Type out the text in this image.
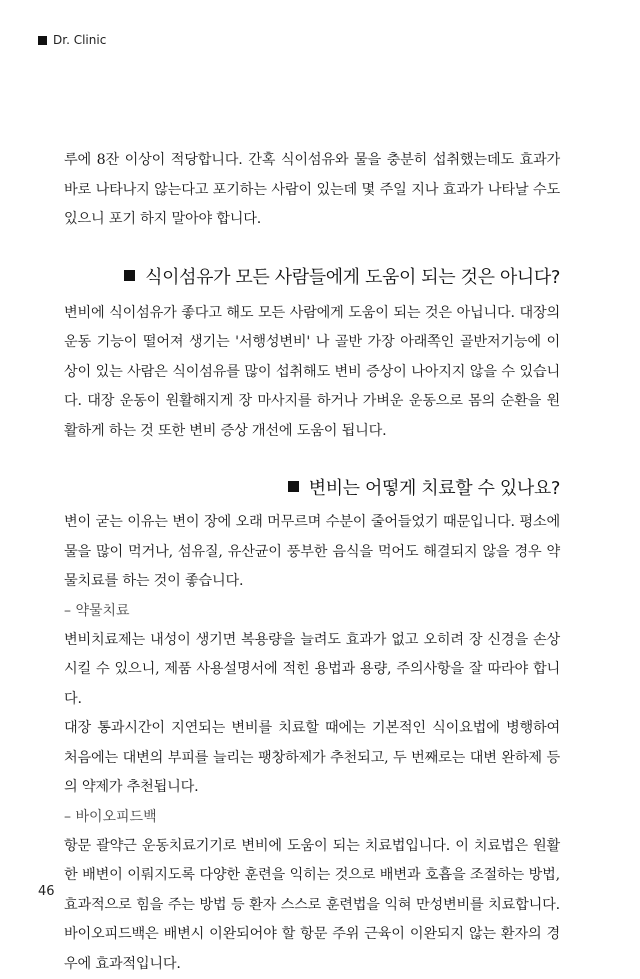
Dr. Clinic

루에 8잔 이상이 적당합니다. 간혹 식이섬유와 물을 충분히 섭취했는데도 효과가 바로 나타나지 않는다고 포기하는 사람이 있는데 몇 주일 지나 효과가 나타날 수도 있으니 포기 하지 말아야 합니다.

식이섬유가 모든 사람들에게 도움이 되는 것은 아니다?

변비에 식이섬유가 좋다고 해도 모든 사람에게 도움이 되는 것은 아닙니다. 대장의 운동 기능이 떨어져 생기는 '서행성변비' 나 골반 가장 아래쪽인 골반저기능에 이상이 있는 사람은 식이섬유를 많이 섭취해도 변비 증상이 나아지지 않을 수 있습니다. 대장 운동이 원활해지게 장 마사지를 하거나 가벼운 운동으로 몸의 순환을 원활하게 하는 것 또한 변비 증상 개선에 도움이 됩니다.

변비는 어떻게 치료할 수 있나요?

변이 굳는 이유는 변이 장에 오래 머무르며 수분이 줄어들었기 때문입니다. 평소에 물을 많이 먹거나, 섬유질, 유산균이 풍부한 음식을 먹어도 해결되지 않을 경우 약물치료를 하는 것이 좋습니다.

– 약물치료

변비치료제는 내성이 생기면 복용량을 늘려도 효과가 없고 오히려 장 신경을 손상시킬 수 있으니, 제품 사용설명서에 적힌 용법과 용량, 주의사항을 잘 따라야 합니다.

대장 통과시간이 지연되는 변비를 치료할 때에는 기본적인 식이요법에 병행하여 처음에는 대변의 부피를 늘리는 팽창하제가 추천되고, 두 번째로는 대변 완하제 등의 약제가 추천됩니다.

– 바이오피드백

항문 괄약근 운동치료기기로 변비에 도움이 되는 치료법입니다. 이 치료법은 원활한 배변이 이뤄지도록 다양한 훈련을 익히는 것으로 배변과 호흡을 조절하는 방법, 효과적으로 힘을 주는 방법 등 환자 스스로 훈련법을 익혀 만성변비를 치료합니다. 바이오피드백은 배변시 이완되어야 할 항문 주위 근육이 이완되지 않는 환자의 경우에 효과적입니다.

46
